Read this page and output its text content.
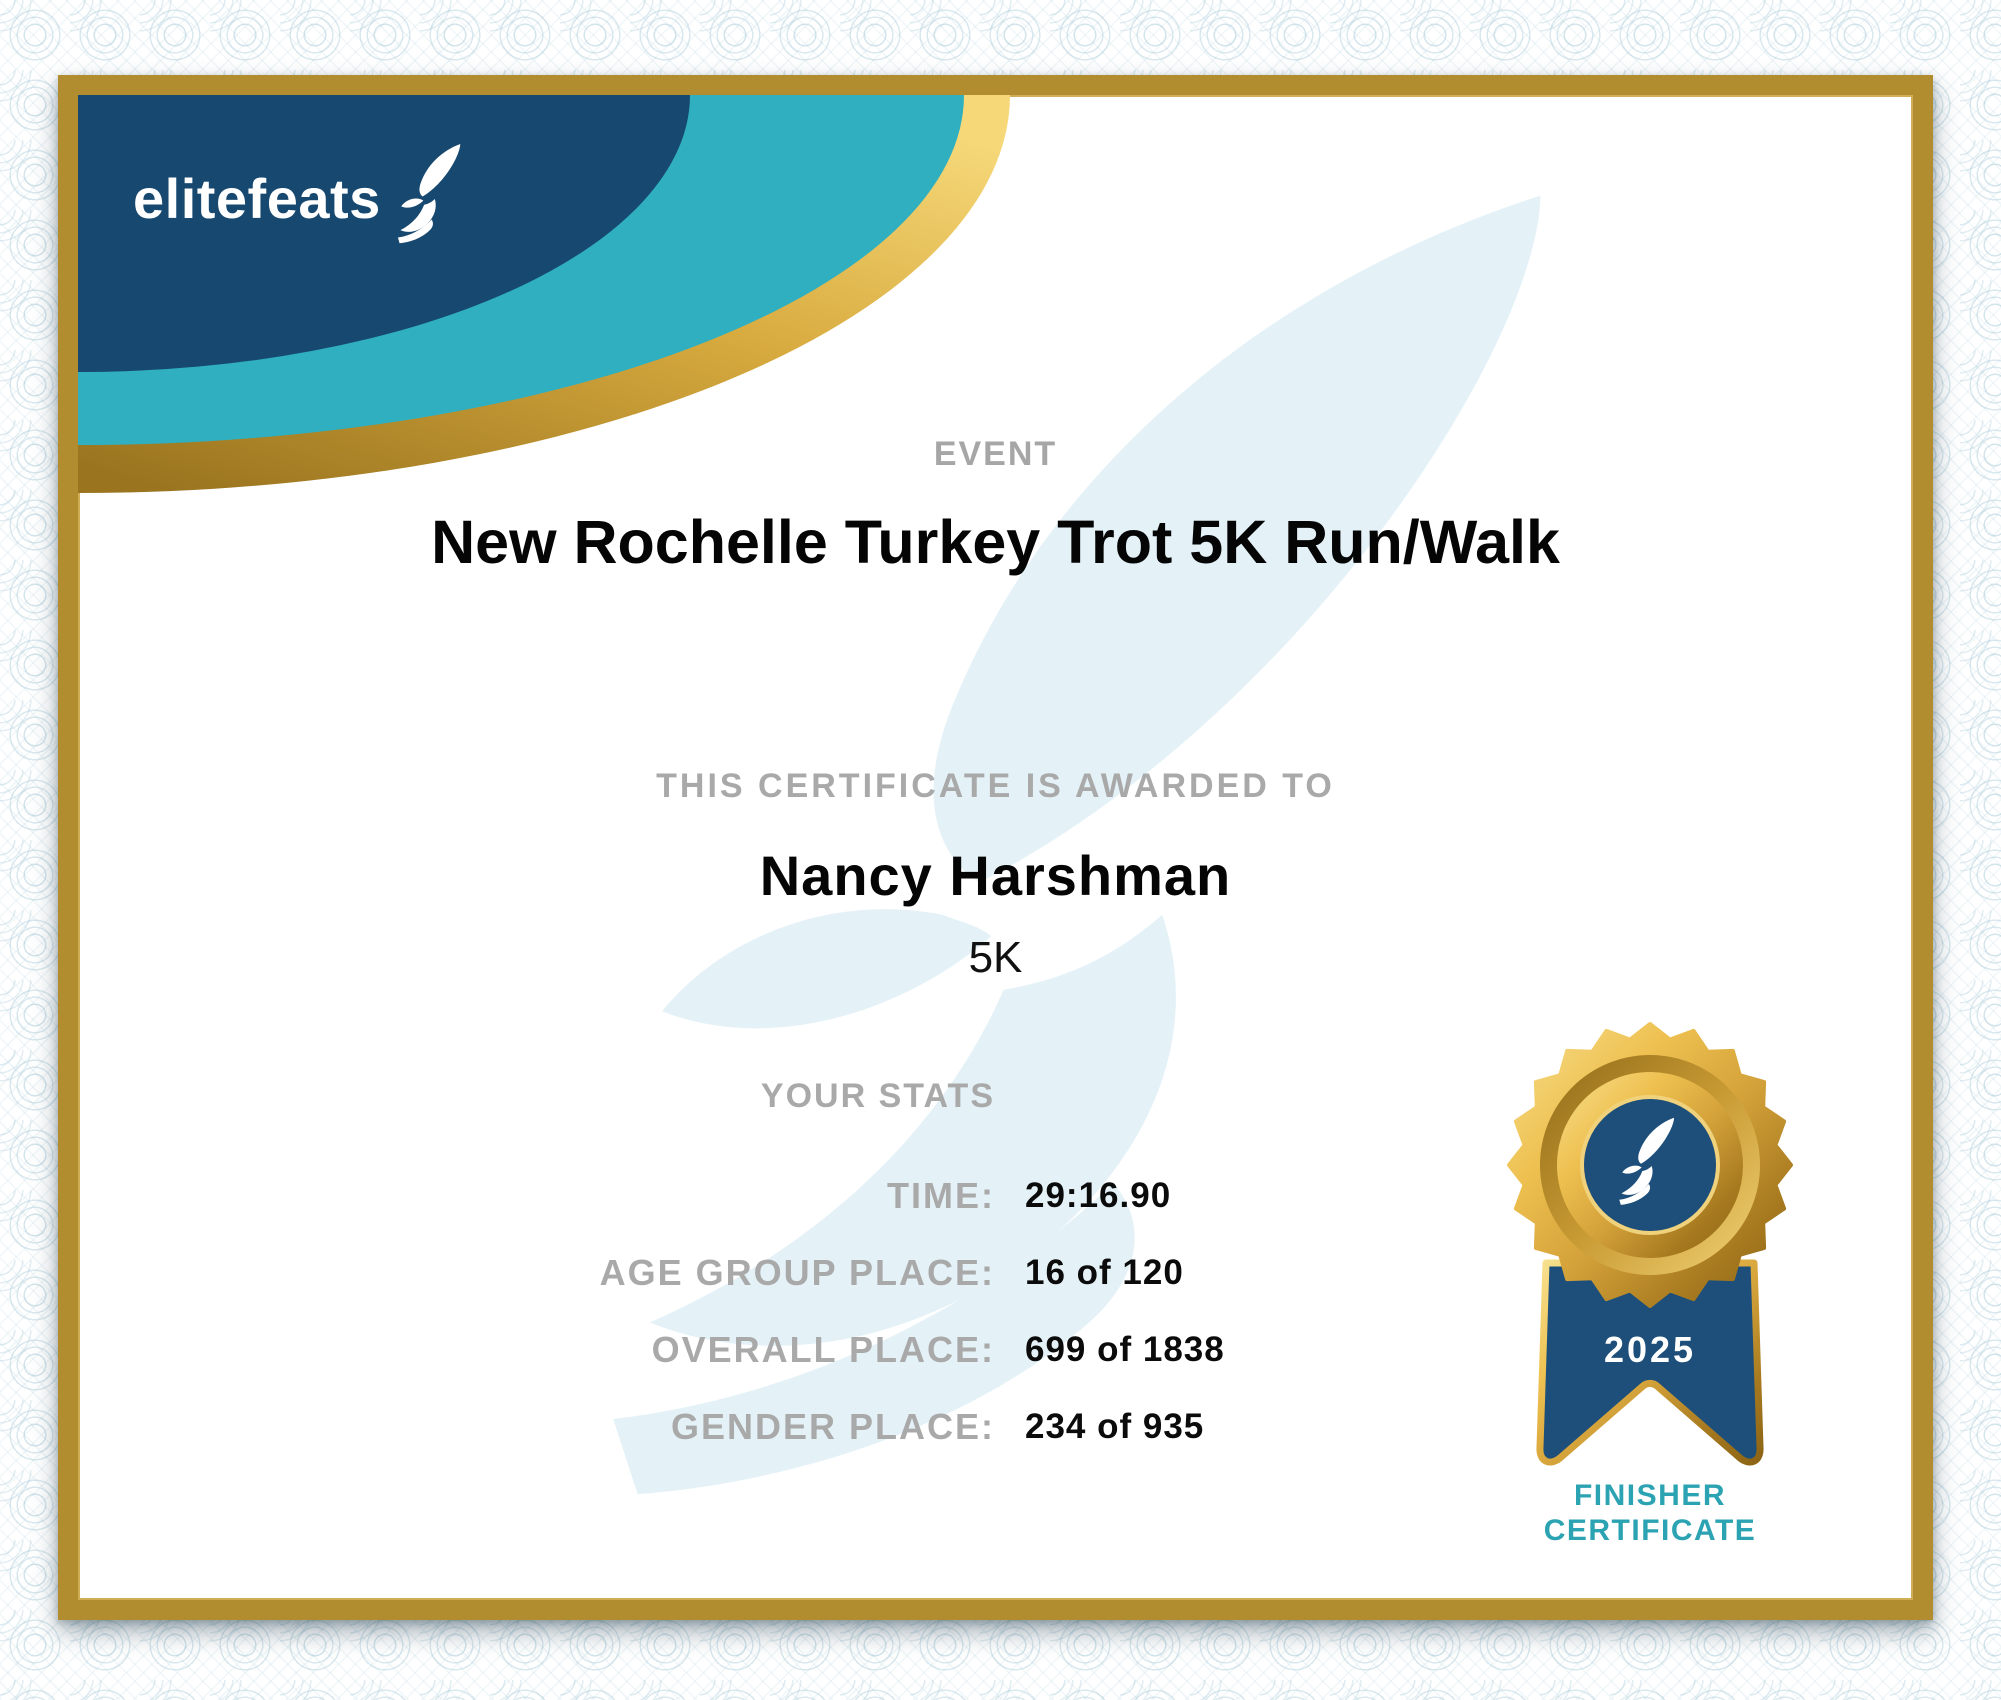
elitefeats
EVENT
New Rochelle Turkey Trot 5K Run/Walk
THIS CERTIFICATE IS AWARDED TO
Nancy Harshman
5K
YOUR STATS
TIME: 29:16.90
AGE GROUP PLACE: 16 of 120
OVERALL PLACE: 699 of 1838
GENDER PLACE: 234 of 935
2025
FINISHER
CERTIFICATE
